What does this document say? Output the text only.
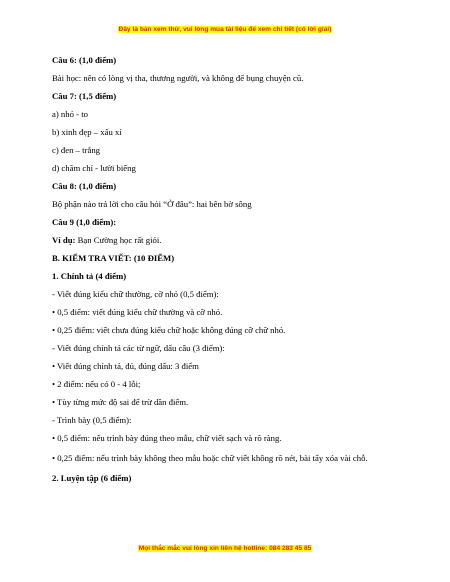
Đây là bản xem thử, vui lòng mua tài liệu để xem chi tiết (có lời giải)

Câu 6: (1,0 điểm)

Bài học: nên có lòng vị tha, thương người, và không để bụng chuyện cũ.

Câu 7: (1,5 điểm)

a) nhỏ - to

b) xinh đẹp – xấu xí

c) đen – trắng

d) chăm chỉ - lười biếng

Câu 8: (1,0 điểm)

Bộ phận nào trả lời cho câu hỏi “Ở đâu”: hai bên bờ sông

Câu 9 (1,0 điểm):

Ví dụ: Bạn Cường học rất giỏi.

B. KIỂM TRA VIẾT: (10 ĐIỂM)

1. Chính tả (4 điểm)

- Viết đúng kiểu chữ thường, cỡ nhỏ (0,5 điểm):

• 0,5 điểm: viết đúng kiểu chữ thường và cỡ nhỏ.

• 0,25 điểm: viết chưa đúng kiểu chữ hoặc không đúng cỡ chữ nhỏ.

- Viết đúng chính tả các từ ngữ, dấu câu (3 điểm):

• Viết đúng chính tả, đủ, đúng dấu: 3 điểm

• 2 điểm: nếu có 0 - 4 lỗi;

• Tùy từng mức độ sai để trừ dần điểm.

- Trình bày (0,5 điểm):

• 0,5 điểm: nếu trình bày đúng theo mẫu, chữ viết sạch và rõ ràng.

• 0,25 điểm: nếu trình bày không theo mẫu hoặc chữ viết không rõ nét, bài tẩy xóa vài chỗ.

2. Luyện tập (6 điểm)

Mọi thắc mắc vui lòng xin liên hệ hotline: 084 283 45 85
